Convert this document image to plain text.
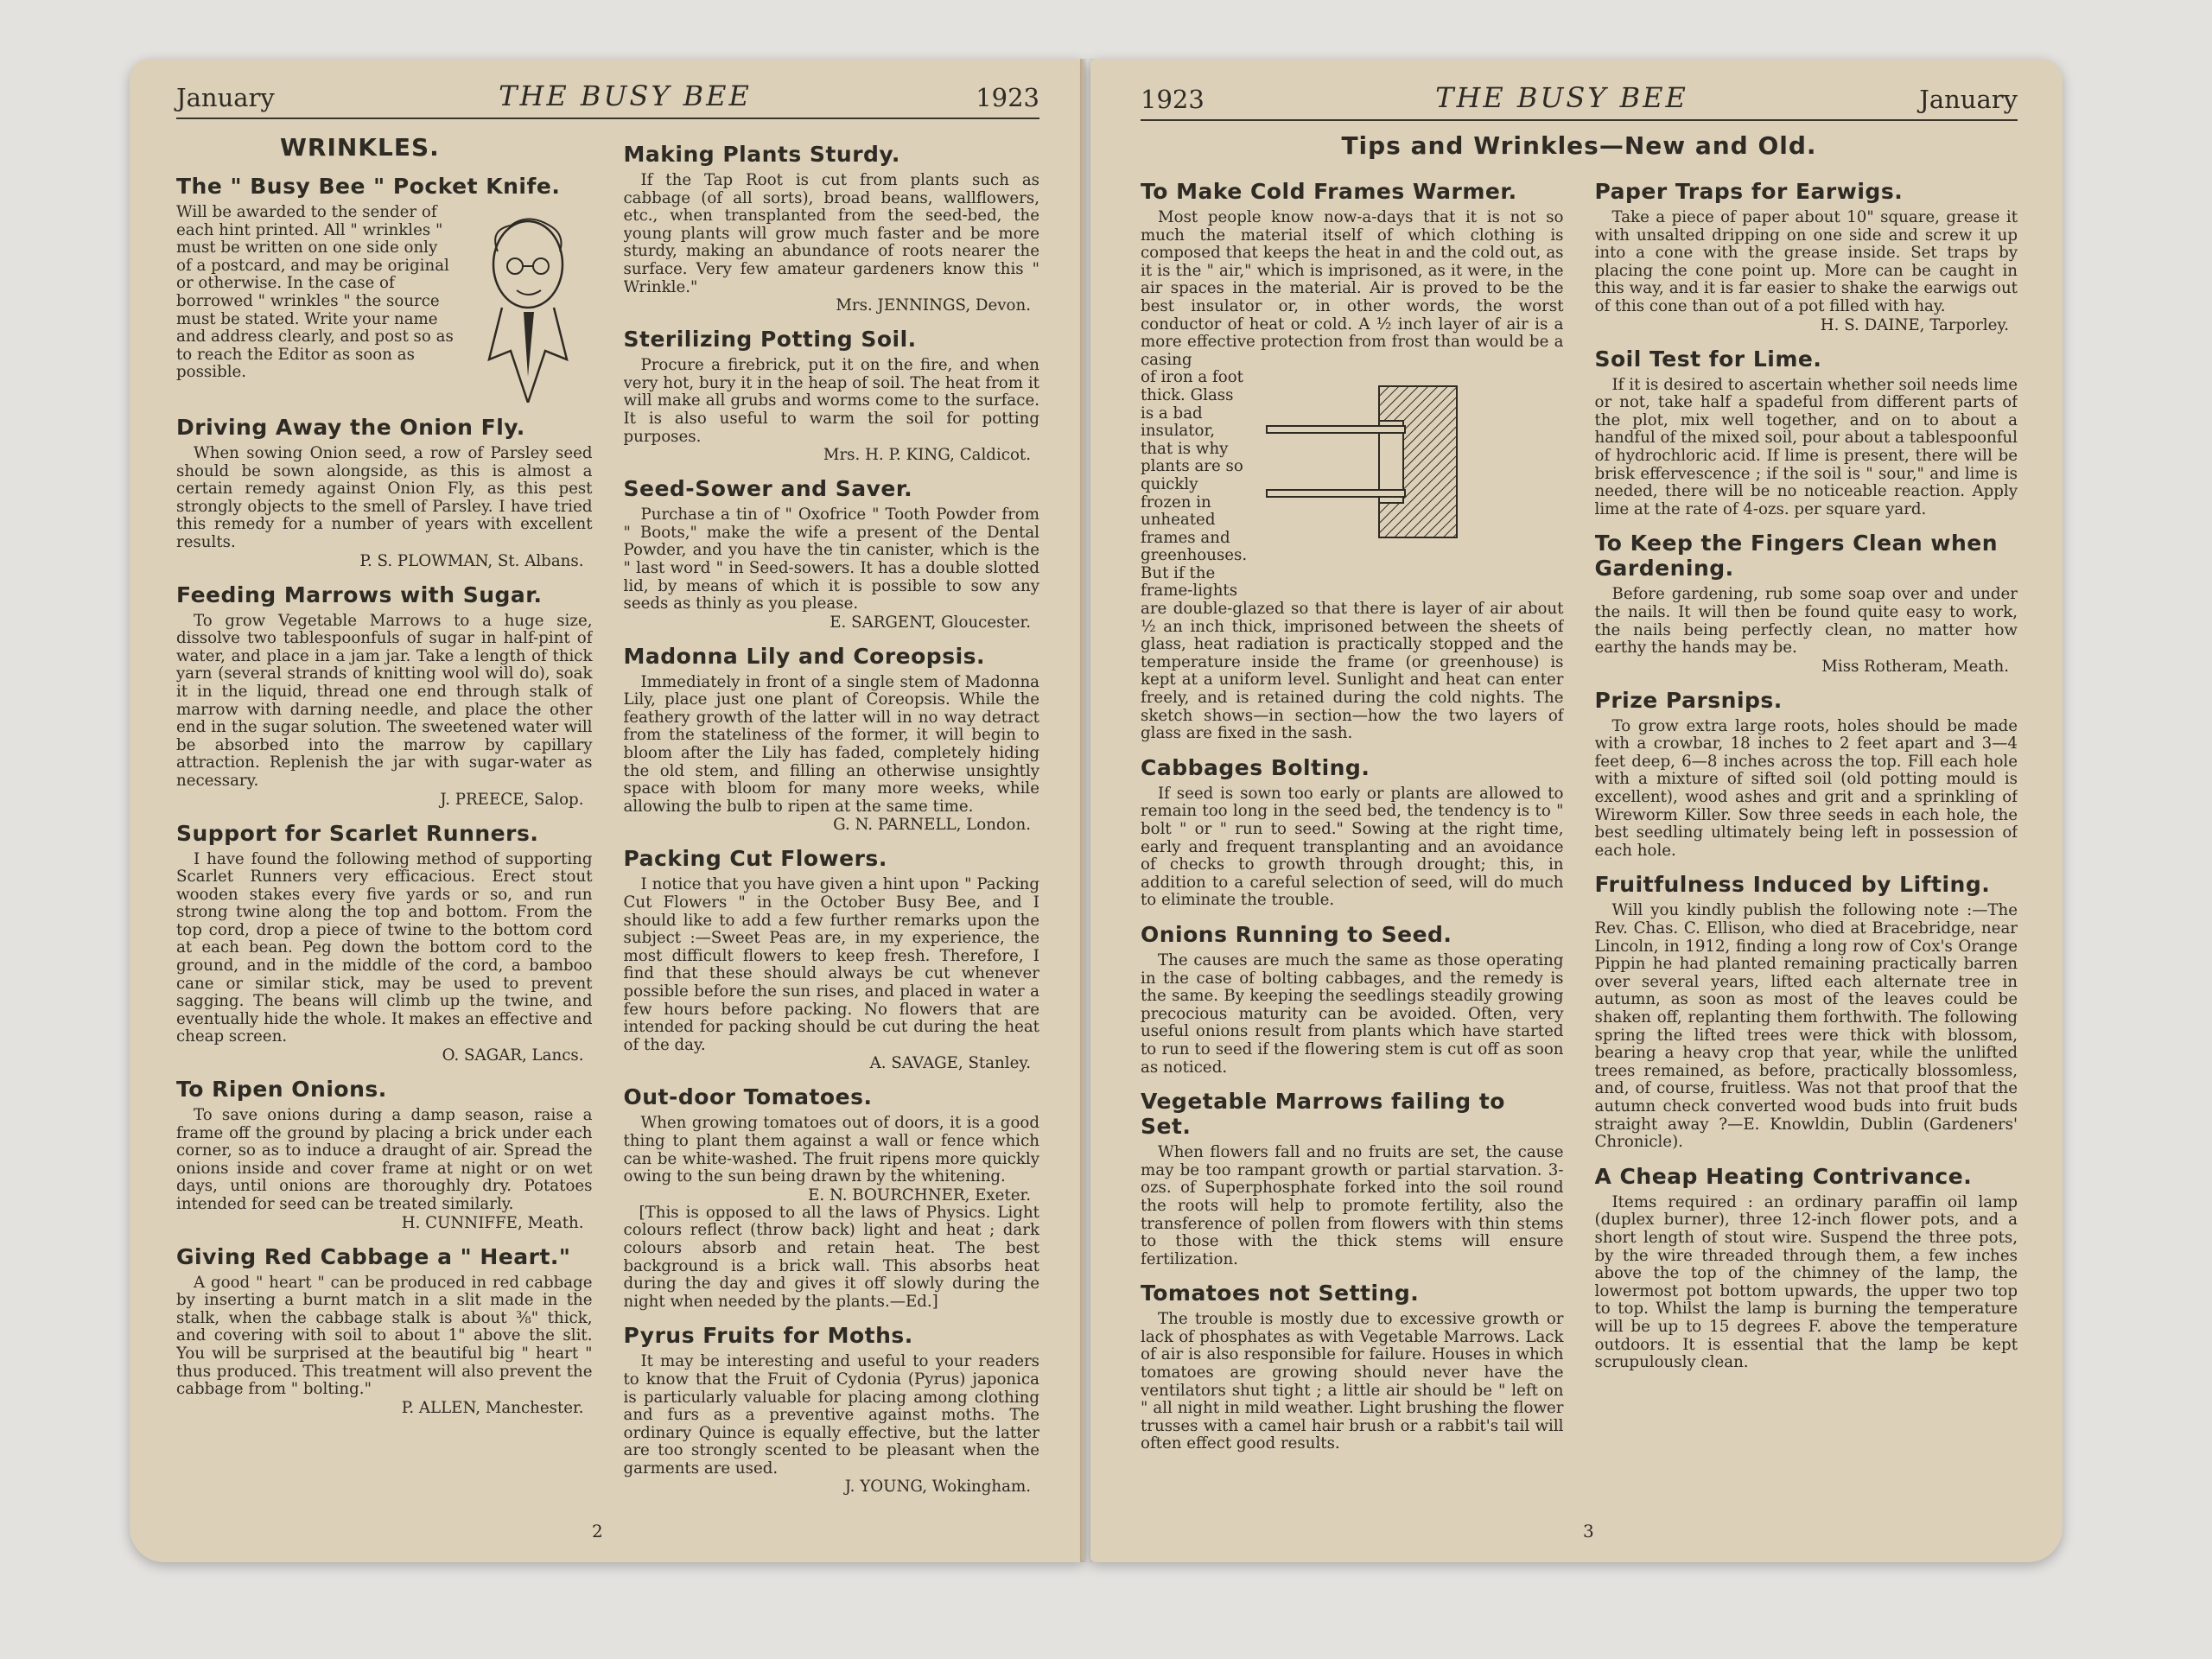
January	THE BUSY BEE	1923
WRINKLES.
The " Busy Bee " Pocket Knife.
Will be awarded to the sender of each hint printed. All " wrinkles " must be written on one side only of a postcard, and may be original or otherwise. In the case of borrowed " wrinkles " the source must be stated. Write your name and address clearly, and post so as to reach the Editor as soon as possible.
Driving Away the Onion Fly.

When sowing Onion seed, a row of Parsley seed should be sown alongside, as this is almost a certain remedy against Onion Fly, as this pest strongly objects to the smell of Parsley. I have tried this remedy for a number of years with excellent results.

P. S. PLOWMAN, St. Albans.
Feeding Marrows with Sugar.

To grow Vegetable Marrows to a huge size, dissolve two tablespoonfuls of sugar in half-pint of water, and place in a jam jar. Take a length of thick yarn (several strands of knitting wool will do), soak it in the liquid, thread one end through stalk of marrow with darning needle, and place the other end in the sugar solution. The sweetened water will be absorbed into the marrow by capillary attraction. Replenish the jar with sugar-water as necessary.

J. PREECE, Salop.
Support for Scarlet Runners.

I have found the following method of supporting Scarlet Runners very efficacious. Erect stout wooden stakes every five yards or so, and run strong twine along the top and bottom. From the top cord, drop a piece of twine to the bottom cord at each bean. Peg down the bottom cord to the ground, and in the middle of the cord, a bamboo cane or similar stick, may be used to prevent sagging. The beans will climb up the twine, and eventually hide the whole. It makes an effective and cheap screen.

O. SAGAR, Lancs.
To Ripen Onions.

To save onions during a damp season, raise a frame off the ground by placing a brick under each corner, so as to induce a draught of air. Spread the onions inside and cover frame at night or on wet days, until onions are thoroughly dry. Potatoes intended for seed can be treated similarly.

H. CUNNIFFE, Meath.
Giving Red Cabbage a " Heart."

A good " heart " can be produced in red cabbage by inserting a burnt match in a slit made in the stalk, when the cabbage stalk is about ⅜" thick, and covering with soil to about 1" above the slit. You will be surprised at the beautiful big " heart " thus produced. This treatment will also prevent the cabbage from " bolting."

P. ALLEN, Manchester.
Making Plants Sturdy.

If the Tap Root is cut from plants such as cabbage (of all sorts), broad beans, wallflowers, etc., when transplanted from the seed-bed, the young plants will grow much faster and be more sturdy, making an abundance of roots nearer the surface. Very few amateur gardeners know this " Wrinkle."

Mrs. JENNINGS, Devon.
Sterilizing Potting Soil.

Procure a firebrick, put it on the fire, and when very hot, bury it in the heap of soil. The heat from it will make all grubs and worms come to the surface. It is also useful to warm the soil for potting purposes.

Mrs. H. P. KING, Caldicot.
Seed-Sower and Saver.

Purchase a tin of " Oxofrice " Tooth Powder from " Boots," make the wife a present of the Dental Powder, and you have the tin canister, which is the " last word " in Seed-sowers. It has a double slotted lid, by means of which it is possible to sow any seeds as thinly as you please.

E. SARGENT, Gloucester.
Madonna Lily and Coreopsis.

Immediately in front of a single stem of Madonna Lily, place just one plant of Coreopsis. While the feathery growth of the latter will in no way detract from the stateliness of the former, it will begin to bloom after the Lily has faded, completely hiding the old stem, and filling an otherwise unsightly space with bloom for many more weeks, while allowing the bulb to ripen at the same time.

G. N. PARNELL, London.
Packing Cut Flowers.

I notice that you have given a hint upon " Packing Cut Flowers " in the October Busy Bee, and I should like to add a few further remarks upon the subject :—Sweet Peas are, in my experience, the most difficult flowers to keep fresh. Therefore, I find that these should always be cut whenever possible before the sun rises, and placed in water a few hours before packing. No flowers that are intended for packing should be cut during the heat of the day.

A. SAVAGE, Stanley.
Out-door Tomatoes.

When growing tomatoes out of doors, it is a good thing to plant them against a wall or fence which can be white-washed. The fruit ripens more quickly owing to the sun being drawn by the whitening.

E. N. BOURCHNER, Exeter.

[This is opposed to all the laws of Physics. Light colours reflect (throw back) light and heat ; dark colours absorb and retain heat. The best background is a brick wall. This absorbs heat during the day and gives it off slowly during the night when needed by the plants.—Ed.]

Pyrus Fruits for Moths.

It may be interesting and useful to your readers to know that the Fruit of Cydonia (Pyrus) japonica is particularly valuable for placing among clothing and furs as a preventive against moths. The ordinary Quince is equally effective, but the latter are too strongly scented to be pleasant when the garments are used.

J. YOUNG, Wokingham.
2
1923	THE BUSY BEE	January
Tips and Wrinkles—New and Old.
To Make Cold Frames Warmer.

Most people know now-a-days that it is not so much the material itself of which clothing is composed that keeps the heat in and the cold out, as it is the " air," which is imprisoned, as it were, in the air spaces in the material. Air is proved to be the best insulator or, in other words, the worst conductor of heat or cold. A ½ inch layer of air is a more effective protection from frost than would be a casing

of iron a foot thick. Glass is a bad insulator, that is why plants are so quickly frozen in unheated frames and greenhouses. But if the frame-lights

are double-glazed so that there is layer of air about ½ an inch thick, imprisoned between the sheets of glass, heat radiation is practically stopped and the temperature inside the frame (or greenhouse) is kept at a uniform level. Sunlight and heat can enter freely, and is retained during the cold nights. The sketch shows—in section—how the two layers of glass are fixed in the sash.

Cabbages Bolting.

If seed is sown too early or plants are allowed to remain too long in the seed bed, the tendency is to " bolt " or " run to seed." Sowing at the right time, early and frequent transplanting and an avoidance of checks to growth through drought; this, in addition to a careful selection of seed, will do much to eliminate the trouble.

Onions Running to Seed.

The causes are much the same as those operating in the case of bolting cabbages, and the remedy is the same. By keeping the seedlings steadily growing precocious maturity can be avoided. Often, very useful onions result from plants which have started to run to seed if the flowering stem is cut off as soon as noticed.

Vegetable Marrows failing to Set.

When flowers fall and no fruits are set, the cause may be too rampant growth or partial starvation. 3-ozs. of Superphosphate forked into the soil round the roots will help to promote fertility, also the transference of pollen from flowers with thin stems to those with the thick stems will ensure fertilization.

Tomatoes not Setting.

The trouble is mostly due to excessive growth or lack of phosphates as with Vegetable Marrows. Lack of air is also responsible for failure. Houses in which tomatoes are growing should never have the ventilators shut tight ; a little air should be " left on " all night in mild weather. Light brushing the flower trusses with a camel hair brush or a rabbit's tail will often effect good results.

Paper Traps for Earwigs.

Take a piece of paper about 10" square, grease it with unsalted dripping on one side and screw it up into a cone with the grease inside. Set traps by placing the cone point up. More can be caught in this way, and it is far easier to shake the earwigs out of this cone than out of a pot filled with hay.

H. S. DAINE, Tarporley.
Soil Test for Lime.

If it is desired to ascertain whether soil needs lime or not, take half a spadeful from different parts of the plot, mix well together, and on to about a handful of the mixed soil, pour about a tablespoonful of hydrochloric acid. If lime is present, there will be brisk effervescence ; if the soil is " sour," and lime is needed, there will be no noticeable reaction. Apply lime at the rate of 4-ozs. per square yard.

To Keep the Fingers Clean when Gardening.

Before gardening, rub some soap over and under the nails. It will then be found quite easy to work, the nails being perfectly clean, no matter how earthy the hands may be.

Miss Rotheram, Meath.
Prize Parsnips.

To grow extra large roots, holes should be made with a crowbar, 18 inches to 2 feet apart and 3—4 feet deep, 6—8 inches across the top. Fill each hole with a mixture of sifted soil (old potting mould is excellent), wood ashes and grit and a sprinkling of Wireworm Killer. Sow three seeds in each hole, the best seedling ultimately being left in possession of each hole.

Fruitfulness Induced by Lifting.

Will you kindly publish the following note :—The Rev. Chas. C. Ellison, who died at Bracebridge, near Lincoln, in 1912, finding a long row of Cox's Orange Pippin he had planted remaining practically barren over several years, lifted each alternate tree in autumn, as soon as most of the leaves could be shaken off, replanting them forthwith. The following spring the lifted trees were thick with blossom, bearing a heavy crop that year, while the unlifted trees remained, as before, practically blossomless, and, of course, fruitless. Was not that proof that the autumn check converted wood buds into fruit buds straight away ?—E. Knowldin, Dublin (Gardeners' Chronicle).

A Cheap Heating Contrivance.

Items required : an ordinary paraffin oil lamp (duplex burner), three 12-inch flower pots, and a short length of stout wire. Suspend the three pots, by the wire threaded through them, a few inches above the top of the chimney of the lamp, the lowermost pot bottom upwards, the upper two top to top. Whilst the lamp is burning the temperature will be up to 15 degrees F. above the temperature outdoors. It is essential that the lamp be kept scrupulously clean.

3
